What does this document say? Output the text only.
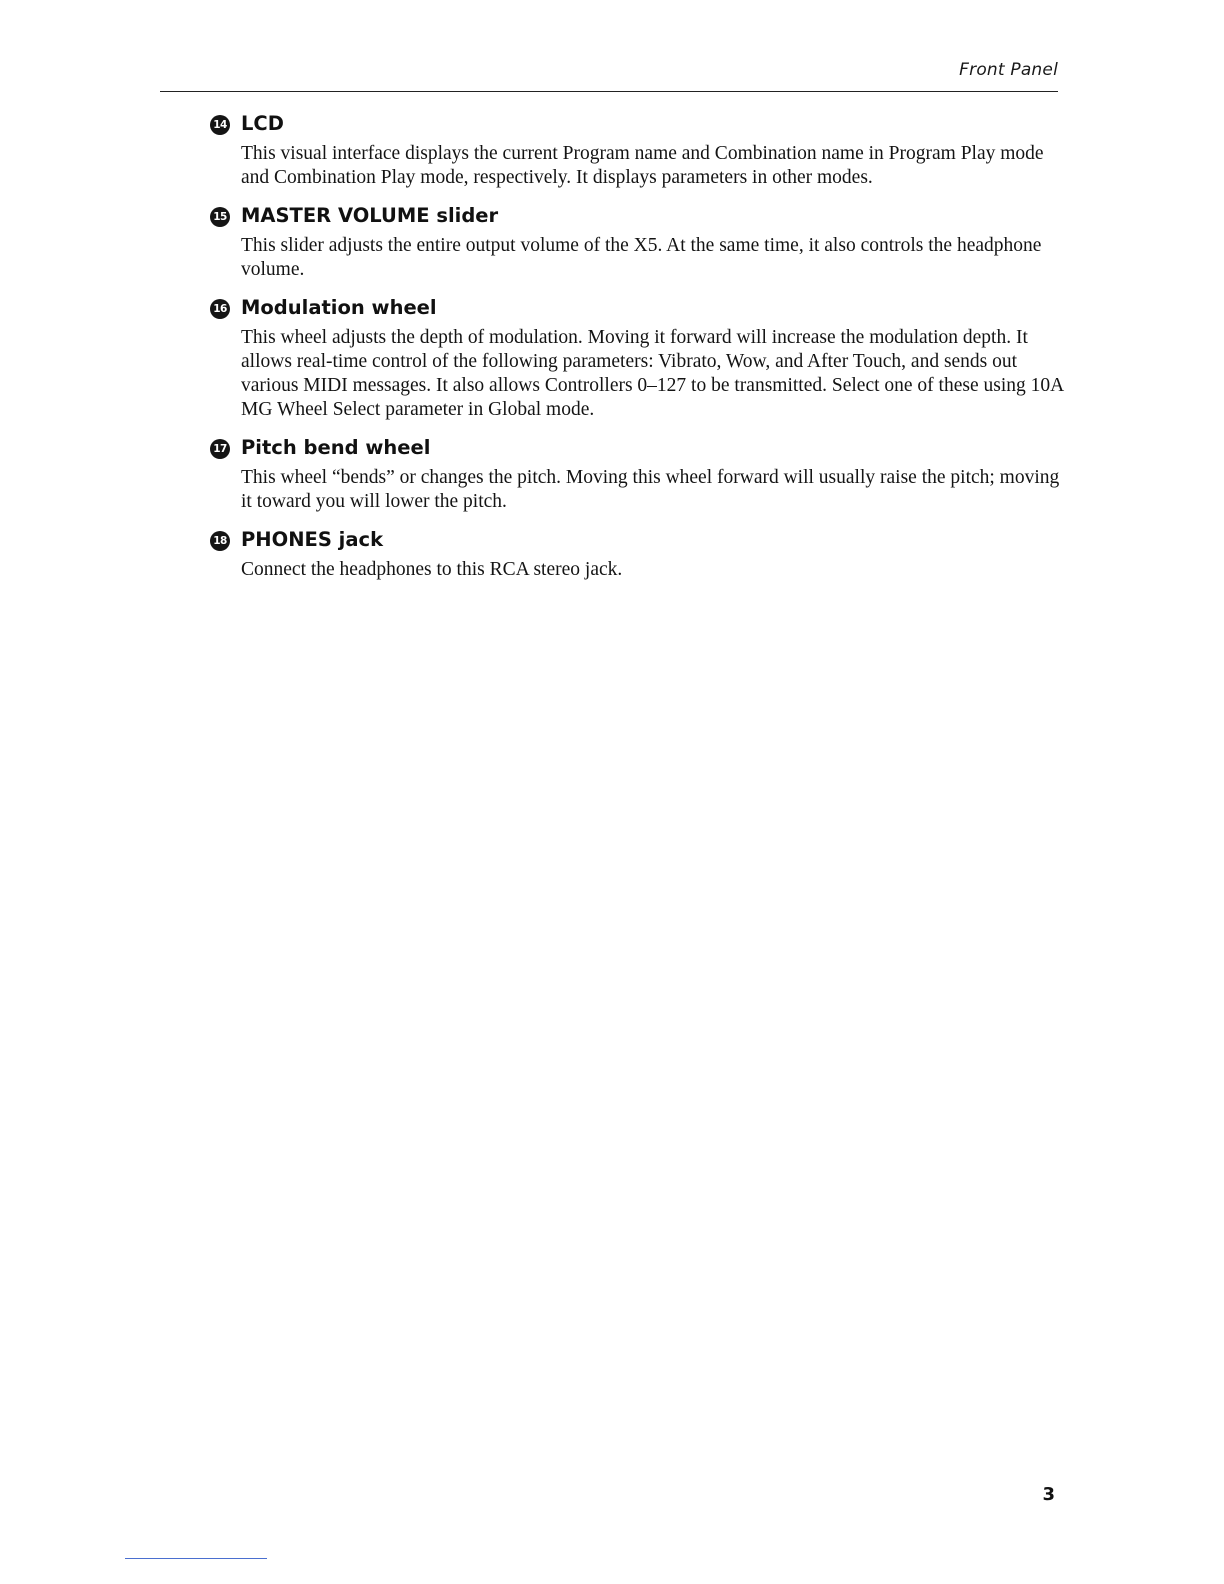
Front Panel
14 LCD
This visual interface displays the current Program name and Combination name in Program Play mode and Combination Play mode, respectively. It displays parameters in other modes.
15 MASTER VOLUME slider
This slider adjusts the entire output volume of the X5. At the same time, it also controls the headphone volume.
16 Modulation wheel
This wheel adjusts the depth of modulation. Moving it forward will increase the modulation depth. It allows real-time control of the following parameters: Vibrato, Wow, and After Touch, and sends out various MIDI messages. It also allows Controllers 0–127 to be transmitted. Select one of these using 10A MG Wheel Select parameter in Global mode.
17 Pitch bend wheel
This wheel “bends” or changes the pitch. Moving this wheel forward will usually raise the pitch; moving it toward you will lower the pitch.
18 PHONES jack
Connect the headphones to this RCA stereo jack.
3
